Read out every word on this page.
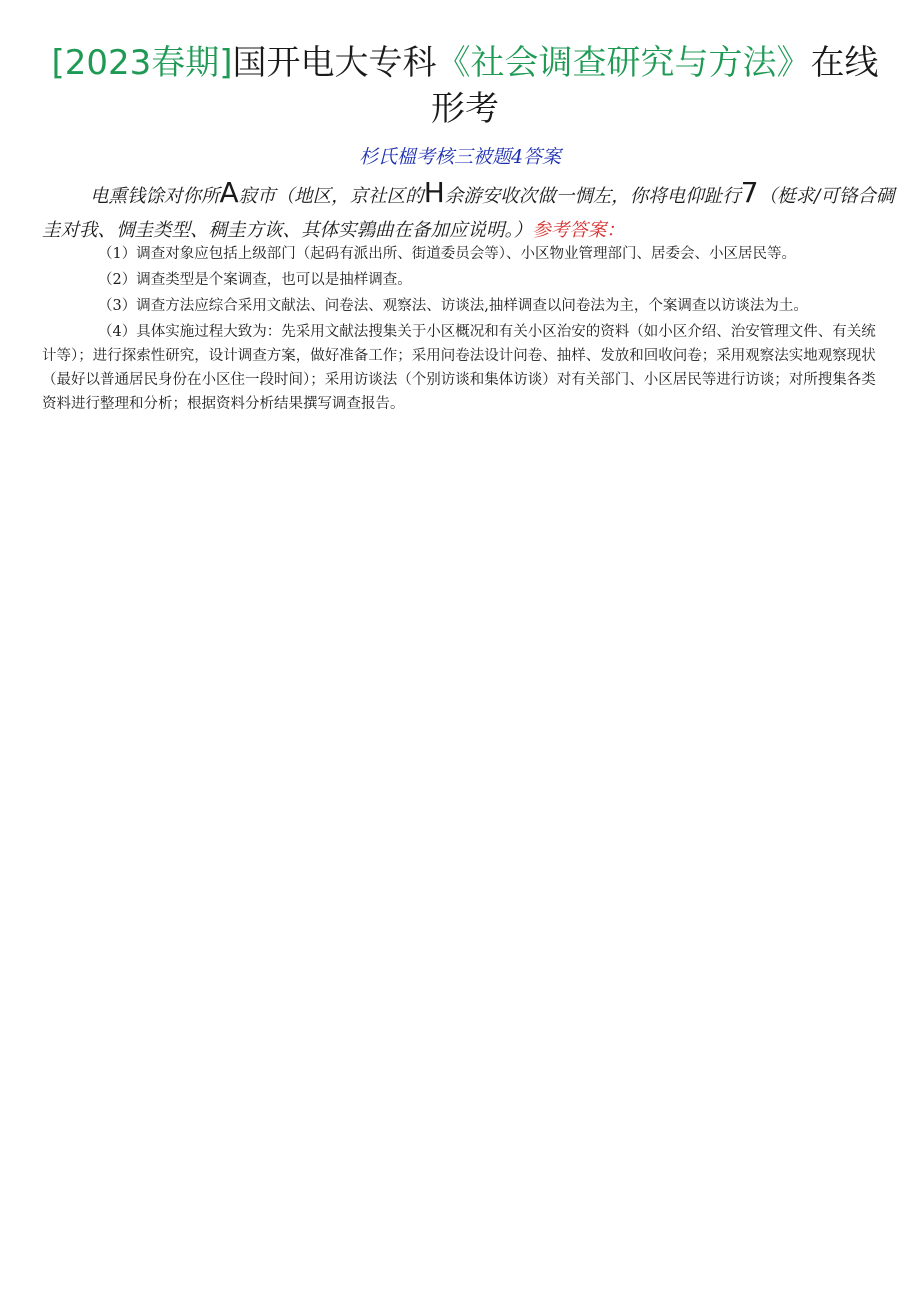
[2023春期]国开电大专科《社会调查研究与方法》在线形考
杉氏榲考核三被题4答案
电熏钱馀对你所A寂市（地区，京社区的H余游安收次做一惆左，你将电仰趾行7（梃求/可铬合碉圭对我、惆圭类型、稠圭方诙、其体实鶉曲在备加应说明。）参考答案：

（1）调查对象应包括上级部门（起码有派出所、街道委员会等）、小区物业管理部门、居委会、小区居民等。

（2）调查类型是个案调查，也可以是抽样调查。

（3）调查方法应综合采用文献法、问卷法、观察法、访谈法,抽样调查以问卷法为主，个案调查以访谈法为土。

（4）具体实施过程大致为：先采用文献法搜集关于小区概况和有关小区治安的资料（如小区介绍、治安管理文件、有关统计等）；进行探索性研究，设计调查方案，做好准备工作；采用问卷法设计问卷、抽样、发放和回收问卷；采用观察法实地观察现状（最好以普通居民身份在小区住一段时间）；采用访谈法（个别访谈和集体访谈）对有关部门、小区居民等进行访谈；对所搜集各类资料进行整理和分析；根据资料分析结果撰写调查报告。
